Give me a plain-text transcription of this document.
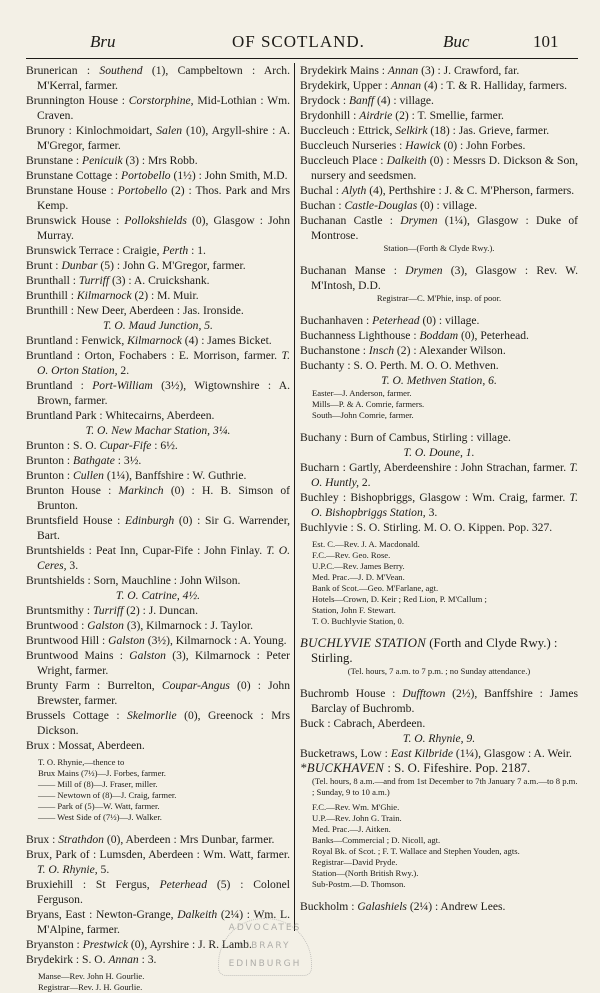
Bru	OF SCOTLAND.	Buc	101

Brunerican : Southend (1), Campbeltown : Arch. M'Kerral, farmer.

Brunnington House : Corstorphine, Mid-Lothian : Wm. Craven.

Brunory : Kinlochmoidart, Salen (10), Argyll-shire : A. M'Gregor, farmer.

Brunstane : Penicuik (3) : Mrs Robb.

Brunstane Cottage : Portobello (1½) : John Smith, M.D.

Brunstane House : Portobello (2) : Thos. Park and Mrs Kemp.

Brunswick House : Pollokshields (0), Glasgow : John Murray.

Brunswick Terrace : Craigie, Perth : 1.

Brunt : Dunbar (5) : John G. M'Gregor, farmer.

Brunthall : Turriff (3) : A. Cruickshank.

Brunthill : Kilmarnock (2) : M. Muir.

Brunthill : New Deer, Aberdeen : Jas. Ironside.

T. O. Maud Junction, 5.

Bruntland : Fenwick, Kilmarnock (4) : James Bicket.

Bruntland : Orton, Fochabers : E. Morrison, farmer. T. O. Orton Station, 2.

Bruntland : Port-William (3½), Wigtownshire : A. Brown, farmer.

Bruntland Park : Whitecairns, Aberdeen.

T. O. New Machar Station, 3¼.

Brunton : S. O. Cupar-Fife : 6½.

Brunton : Bathgate : 3½.

Brunton : Cullen (1¼), Banffshire : W. Guthrie.

Brunton House : Markinch (0) : H. B. Simson of Brunton.

Bruntsfield House : Edinburgh (0) : Sir G. Warrender, Bart.

Bruntshields : Peat Inn, Cupar-Fife : John Finlay. T. O. Ceres, 3.

Bruntshields : Sorn, Mauchline : John Wilson.

T. O. Catrine, 4½.

Bruntsmithy : Turriff (2) : J. Duncan.

Bruntwood : Galston (3), Kilmarnock : J. Taylor.

Bruntwood Hill : Galston (3½), Kilmarnock : A. Young.

Bruntwood Mains : Galston (3), Kilmarnock : Peter Wright, farmer.

Brunty Farm : Burrelton, Coupar-Angus (0) : John Brewster, farmer.

Brussels Cottage : Skelmorlie (0), Greenock : Mrs Dickson.

Brux : Mossat, Aberdeen.

T. O. Rhynie,—thence to

Brux Mains (7½)—J. Forbes, farmer.

—— Mill of (8)—J. Fraser, miller.

—— Newtown of (8)—J. Craig, farmer.

—— Park of (5)—W. Watt, farmer.

—— West Side of (7½)—J. Walker.

Brux : Strathdon (0), Aberdeen : Mrs Dunbar, farmer.

Brux, Park of : Lumsden, Aberdeen : Wm. Watt, farmer. T. O. Rhynie, 5.

Bruxiehill : St Fergus, Peterhead (5) : Colonel Ferguson.

Bryans, East : Newton-Grange, Dalkeith (2¼) : Wm. L. M'Alpine, farmer.

Bryanston : Prestwick (0), Ayrshire : J. R. Lamb.

Brydekirk : S. O. Annan : 3.

Manse—Rev. John H. Gourlie.

Registrar—Rev. J. H. Gourlie.

Brydekirk Mains : Annan (3) : J. Crawford, far.

Brydekirk, Upper : Annan (4) : T. & R. Halliday, farmers.

Brydock : Banff (4) : village.

Brydonhill : Airdrie (2) : T. Smellie, farmer.

Buccleuch : Ettrick, Selkirk (18) : Jas. Grieve, farmer.

Buccleuch Nurseries : Hawick (0) : John Forbes.

Buccleuch Place : Dalkeith (0) : Messrs D. Dickson & Son, nursery and seedsmen.

Buchal : Alyth (4), Perthshire : J. & C. M'Pherson, farmers.

Buchan : Castle-Douglas (0) : village.

Buchanan Castle : Drymen (1¼), Glasgow : Duke of Montrose.

Station—(Forth & Clyde Rwy.).

Buchanan Manse : Drymen (3), Glasgow : Rev. W. M'Intosh, D.D.

Registrar—C. M'Phie, insp. of poor.

Buchanhaven : Peterhead (0) : village.

Buchanness Lighthouse : Boddam (0), Peterhead.

Buchanstone : Insch (2) : Alexander Wilson.

Buchanty : S. O. Perth. M. O. O. Methven.

T. O. Methven Station, 6.

Easter—J. Anderson, farmer.

Mills—P. & A. Comrie, farmers.

South—John Comrie, farmer.

Buchany : Burn of Cambus, Stirling : village.

T. O. Doune, 1.

Bucharn : Gartly, Aberdeenshire : John Strachan, farmer. T. O. Huntly, 2.

Buchley : Bishopbriggs, Glasgow : Wm. Craig, farmer. T. O. Bishopbriggs Station, 3.

Buchlyvie : S. O. Stirling. M. O. O. Kippen. Pop. 327.

Est. C.—Rev. J. A. Macdonald.

F.C.—Rev. Geo. Rose.

U.P.C.—Rev. James Berry.

Med. Prac.—J. D. M'Vean.

Bank of Scot.—Geo. M'Farlane, agt.

Hotels—Crown, D. Keir ; Red Lion, P. M'Callum ;

Station, John F. Stewart.

T. O. Buchlyvie Station, 0.

BUCHLYVIE STATION (Forth and Clyde Rwy.) : Stirling.

(Tel. hours, 7 a.m. to 7 p.m. ; no Sunday attendance.)

Buchromb House : Dufftown (2½), Banffshire : James Barclay of Buchromb.

Buck : Cabrach, Aberdeen.

T. O. Rhynie, 9.

Bucketraws, Low : East Kilbride (1¼), Glasgow : A. Weir.

*BUCKHAVEN : S. O. Fifeshire. Pop. 2187.

(Tel. hours, 8 a.m.—and from 1st December to 7th January 7 a.m.—to 8 p.m. ; Sunday, 9 to 10 a.m.)

F.C.—Rev. Wm. M'Ghie.

U.P.—Rev. John G. Train.

Med. Prac.—J. Aitken.

Banks—Commercial ; D. Nicoll, agt.

Royal Bk. of Scot. ; F. T. Wallace and Stephen Youden, agts.

Registrar—David Pryde.

Station—(North British Rwy.).

Sub-Postm.—D. Thomson.

Buckholm : Galashiels (2¼) : Andrew Lees.

ADVOCATES
LIBRARY
EDINBURGH
